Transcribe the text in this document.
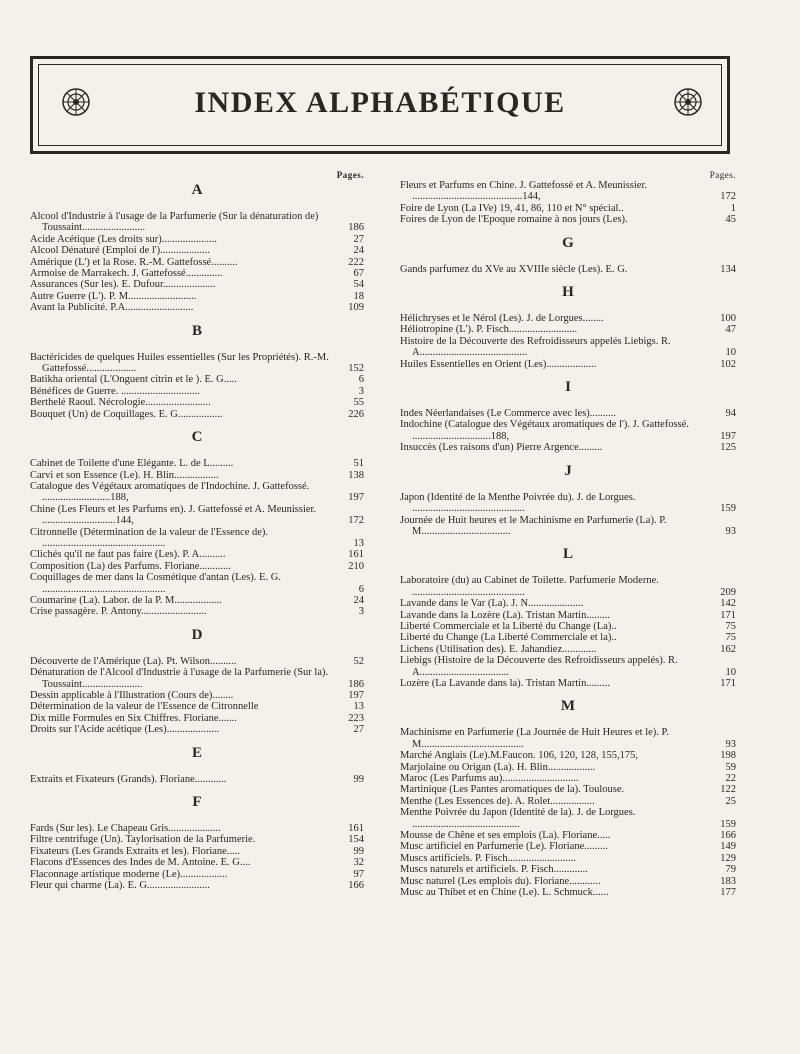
INDEX ALPHABÉTIQUE
Pages.
A
Alcool d'Industrie à l'usage de la Parfumerie (Sur la dénaturation de) Toussaint........................	186
Acide Acétique (Les droits sur).....................	27
Alcool Dénaturé (Emploi de l')...................	24
Amérique (L') et la Rose. R.-M. Gattefossé..........	222
Armoise de Marrakech. J. Gattefossé..............	67
Assurances (Sur les). E. Dufour....................	54
Autre Guerre (L'). P. M..........................	18
Avant la Publicité. P.A..........................	109
B
Bactéricides de quelques Huiles essentielles (Sur les Propriétés). R.-M. Gattefossé...................	152
Batikha oriental (L'Onguent citrin et le ). E. G.....	6
Bénéfices de Guerre. ..............................	3
Berthelé Raoul. Nécrologie.........................	55
Bouquet (Un) de Coquillages. E. G.................	226
C
Cabinet de Toilette d'une Elégante. L. de L.........	51
Carvi et son Essence (Le). H. Blin.................	138
Catalogue des Végétaux aromatiques de l'Indochine. J. Gattefossé. ..........................188,	197
Chine (Les Fleurs et les Parfums en). J. Gattefossé et A. Meunissier. ............................144,	172
Citronnelle (Détermination de la valeur de l'Essence de). ...............................................	13
Clichés qu'il ne faut pas faire (Les). P. A..........	161
Composition (La) des Parfums. Floriane............	210
Coquillages de mer dans la Cosmétique d'antan (Les). E. G. ...............................................	6
Coumarine (La). Labor. de la P. M..................	24
Crise passagère. P. Antony.........................	3
D
Découverte de l'Amérique (La). Pt. Wilson..........	52
Dénaturation de l'Alcool d'Industrie à l'usage de la Parfumerie (Sur la). Toussaint.......................	186
Dessin applicable à l'Illustration (Cours de)........	197
Détermination de la valeur de l'Essence de Citronnelle	13
Dix mille Formules en Six Chiffres. Floriane.......	223
Droits sur l'Acide acétique (Les)....................	27
E
Extraits et Fixateurs (Grands). Floriane............	99
F
Fards (Sur les). Le Chapeau Gris....................	161
Filtre centrifuge (Un). Taylorisation de la Parfumerie.	154
Fixateurs (Les Grands Extraits et les). Floriane.....	99
Flacons d'Essences des Indes de M. Antoine. E. G....	32
Flaconnage artistique moderne (Le)..................	97
Fleur qui charme (La). E. G........................	166
Pages.
Fleurs et Parfums en Chine. J. Gattefossé et A. Meunissier. ..........................................144,	172
Foire de Lyon (La IVe) 19, 41, 86, 110 et N° spécial..	1
Foires de Lyon de l'Epoque romaine à nos jours (Les).	45
G
Gands parfumez du XVe au XVIIIe siècle (Les). E. G.	134
H
Hélichryses et le Nérol (Les). J. de Lorgues........	100
Héliotropine (L'). P. Fisch..........................	47
Histoire de la Découverte des Refroidisseurs appelés Liebigs. R. A.........................................	10
Huiles Essentielles en Orient (Les)...................	102
I
Indes Néerlandaises (Le Commerce avec les)..........	94
Indochine (Catalogue des Végétaux aromatiques de l'). J. Gattefossé. ..............................188,	197
Insuccès (Les raisons d'un) Pierre Argence.........	125
J
Japon (Identité de la Menthe Poivrée du). J. de Lorgues. ...........................................	159
Journée de Huit heures et le Machinisme en Parfumerie (La). P. M..................................	93
L
Laboratoire (du) au Cabinet de Toilette. Parfumerie Moderne. ...........................................	209
Lavande dans le Var (La). J. N.....................	142
Lavande dans la Lozère (La). Tristan Martin.........	171
Liberté Commerciale et la Liberté du Change (La)..	75
Liberté du Change (La Liberté Commerciale et la)..	75
Lichens (Utilisation des). E. Jahandiez.............	162
Liebigs (Histoire de la Découverte des Refroidisseurs appelés). R. A..................................	10
Lozère (La Lavande dans la). Tristan Martin.........	171
M
Machinisme en Parfumerie (La Journée de Huit Heures et le). P. M.......................................	93
Marché Anglais (Le).M.Faucon. 106, 120, 128, 155,175,	198
Marjolaine ou Origan (La). H. Blin..................	59
Maroc (Les Parfums au).............................	22
Martinique (Les Pantes aromatiques de la). Toulouse.	122
Menthe (Les Essences de). A. Rolet.................	25
Menthe Poivrée du Japon (Identité de la). J. de Lorgues. .........................................	159
Mousse de Chêne et ses emplois (La). Floriane.....	166
Musc artificiel en Parfumerie (Le). Floriane.........	149
Muscs artificiels. P. Fisch..........................	129
Muscs naturels et artificiels. P. Fisch.............	79
Musc naturel (Les emplois du). Floriane............	183
Musc au Thibet et en Chine (Le). L. Schmuck......	177
